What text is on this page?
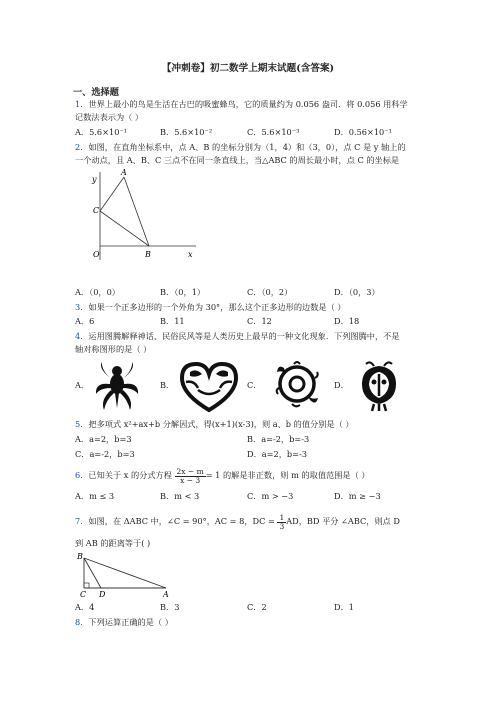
【冲刺卷】初二数学上期末试题(含答案)
一、选择题
1．世界上最小的鸟是生活在古巴的吸蜜蜂鸟，它的质量约为 0.056 盎司．将 0.056 用科学
记数法表示为（ ）
A．5.6×10⁻¹	B．5.6×10⁻²	C．5.6×10⁻³	D．0.56×10⁻¹
2．如图，在直角坐标系中，点 A、B 的坐标分别为（1，4）和（3，0），点 C 是 y 轴上的
一个动点，且 A、B、C 三点不在同一条直线上，当△ABC 的周长最小时，点 C 的坐标是
y
x
A
C
O	B
A．（0，0）	B．（0，1）	C．（0，2）	D．（0，3）
3．如果一个正多边形的一个外角为 30°，那么这个正多边形的边数是（ ）
A．6	B．11	C．12	D．18
4．运用图腾解释神话、民俗民风等是人类历史上最早的一种文化现象．下列图腾中，不是
轴对称图形的是（ ）
A．	B．	C．	D．
5．把多项式 x²+ax+b 分解因式，得(x+1)(x-3)，则 a、b 的值分别是（ ）
A．a=2，b=3	B．a=-2，b=-3
C．a=-2，b=3	D．a=2，b=-3
6．已知关于 x 的分式方程 $\frac{2x - m}{x - 3} = 1$ 的解是非正数，则 m 的取值范围是（ ）
A．m ≤ 3	B．m < 3	C．m > −3	D．m ≥ −3
7．如图，在 ΔABC 中，∠C = 90°，AC = 8，DC = $\frac{1}{3}$ AD，BD 平分 ∠ABC，则点 D
到 AB 的距离等于( )
B
C D	A
A．4	B．3	C．2	D．1
8．下列运算正确的是（ ）
